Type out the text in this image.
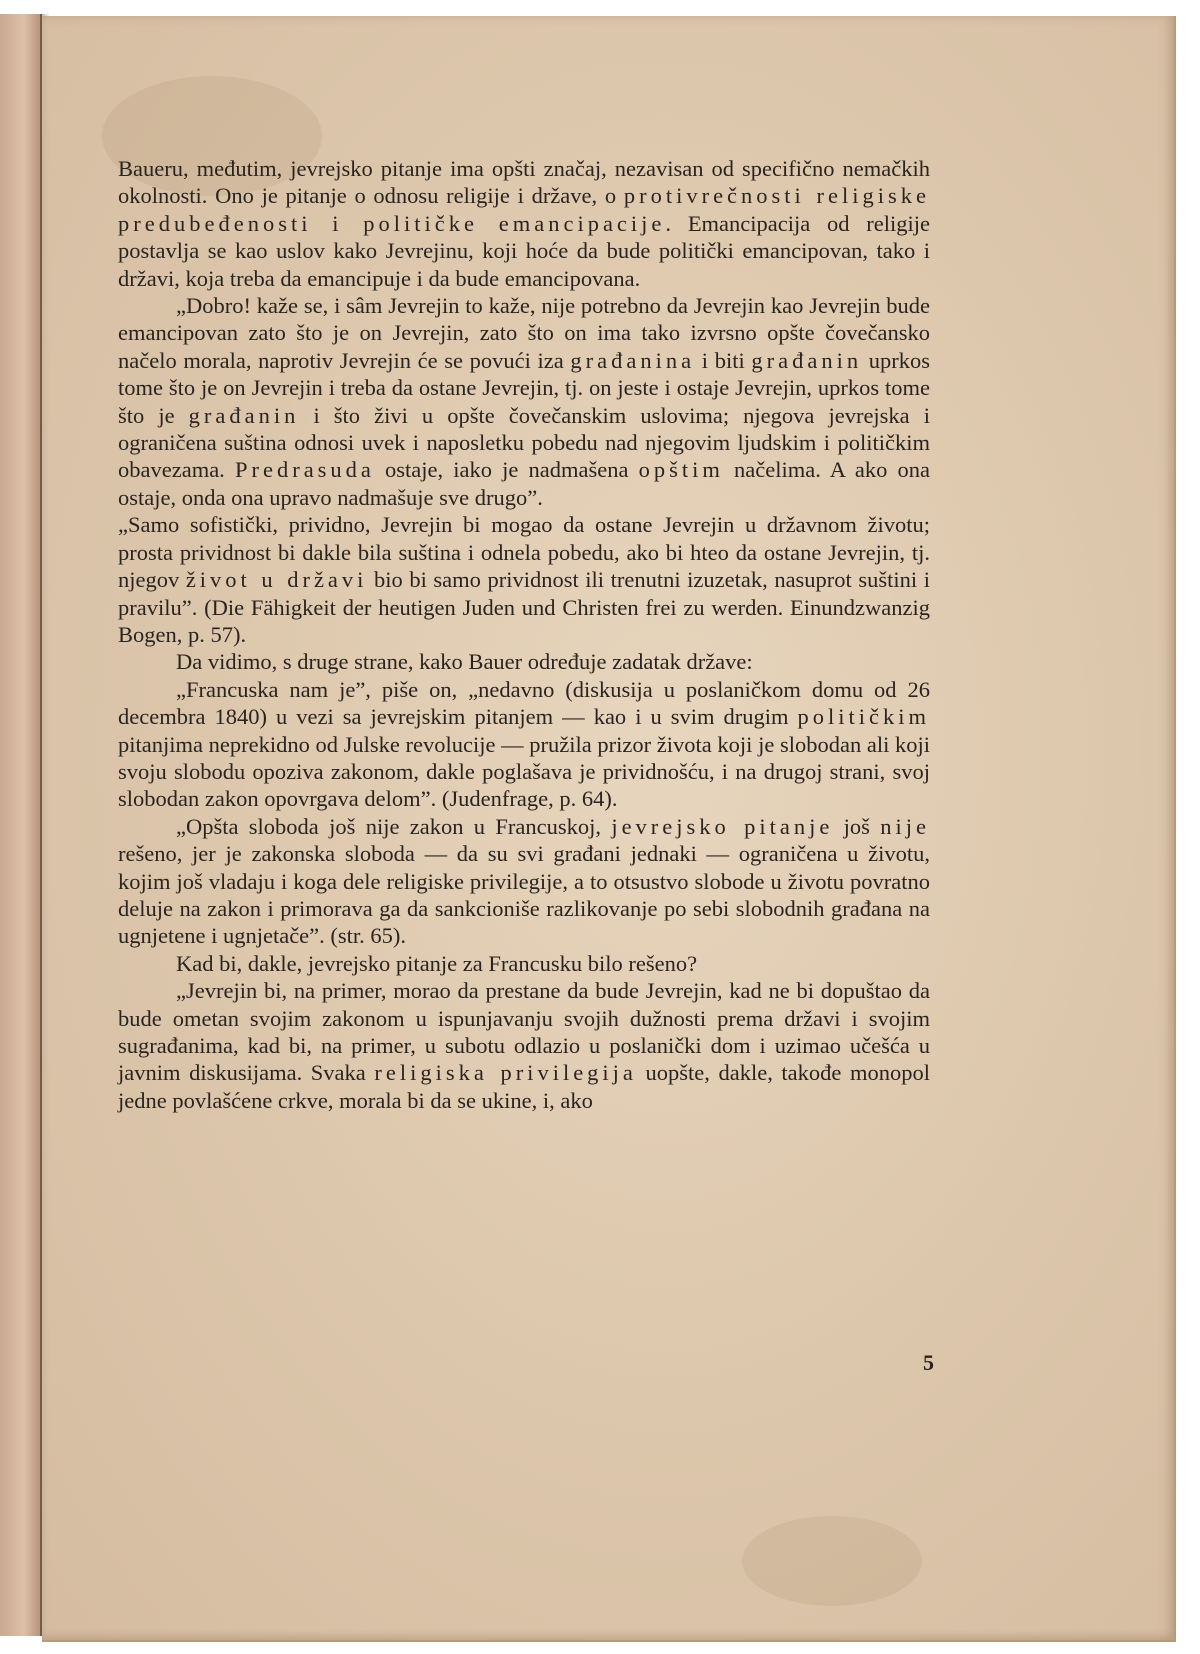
Baueru, međutim, jevrejsko pitanje ima opšti značaj, nezavisan od specifično nemačkih okolnosti. Ono je pitanje o odnosu religije i države, o protivrečnosti religiske predubeđenosti i političke emancipacije. Emancipacija od religije postavlja se kao uslov kako Jevrejinu, koji hoće da bude politički emancipovan, tako i državi, koja treba da emancipuje i da bude emancipovana.

„Dobro! kaže se, i sâm Jevrejin to kaže, nije potrebno da Jevrejin kao Jevrejin bude emancipovan zato što je on Jevrejin, zato što on ima tako izvrsno opšte čovečansko načelo morala, naprotiv Jevrejin će se povući iza građanina i biti građanin uprkos tome što je on Jevrejin i treba da ostane Jevrejin, tj. on jeste i ostaje Jevrejin, uprkos tome što je građanin i što živi u opšte čovečanskim uslovima; njegova jevrejska i ograničena suština odnosi uvek i naposletku pobedu nad njegovim ljudskim i političkim obavezama. Predrasuda ostaje, iako je nadmašena opštim načelima. A ako ona ostaje, onda ona upravo nadmašuje sve drugo”.

„Samo sofistički, prividno, Jevrejin bi mogao da ostane Jevrejin u državnom životu; prosta prividnost bi dakle bila suština i odnela pobedu, ako bi hteo da ostane Jevrejin, tj. njegov život u državi bio bi samo prividnost ili trenutni izuzetak, nasuprot suštini i pravilu”. (Die Fähigkeit der heutigen Juden und Christen frei zu werden. Einundzwanzig Bogen, p. 57).

Da vidimo, s druge strane, kako Bauer određuje zadatak države:

„Francuska nam je”, piše on, „nedavno (diskusija u poslaničkom domu od 26 decembra 1840) u vezi sa jevrejskim pitanjem — kao i u svim drugim političkim pitanjima neprekidno od Julske revolucije — pružila prizor života koji je slobodan ali koji svoju slobodu opoziva zakonom, dakle poglašava je prividnošću, i na drugoj strani, svoj slobodan zakon opovrgava delom”. (Judenfrage, p. 64).

„Opšta sloboda još nije zakon u Francuskoj, jevrejsko pitanje još nije rešeno, jer je zakonska sloboda — da su svi građani jednaki — ograničena u životu, kojim još vladaju i koga dele religiske privilegije, a to otsustvo slobode u životu povratno deluje na zakon i primorava ga da sankcioniše razlikovanje po sebi slobodnih građana na ugnjetene i ugnjetače”. (str. 65).

Kad bi, dakle, jevrejsko pitanje za Francusku bilo rešeno?

„Jevrejin bi, na primer, morao da prestane da bude Jevrejin, kad ne bi dopuštao da bude ometan svojim zakonom u ispunjavanju svojih dužnosti prema državi i svojim sugrađanima, kad bi, na primer, u subotu odlazio u poslanički dom i uzimao učešća u javnim diskusijama. Svaka religiska privilegija uopšte, dakle, takođe monopol jedne povlašćene crkve, morala bi da se ukine, i, ako

5
